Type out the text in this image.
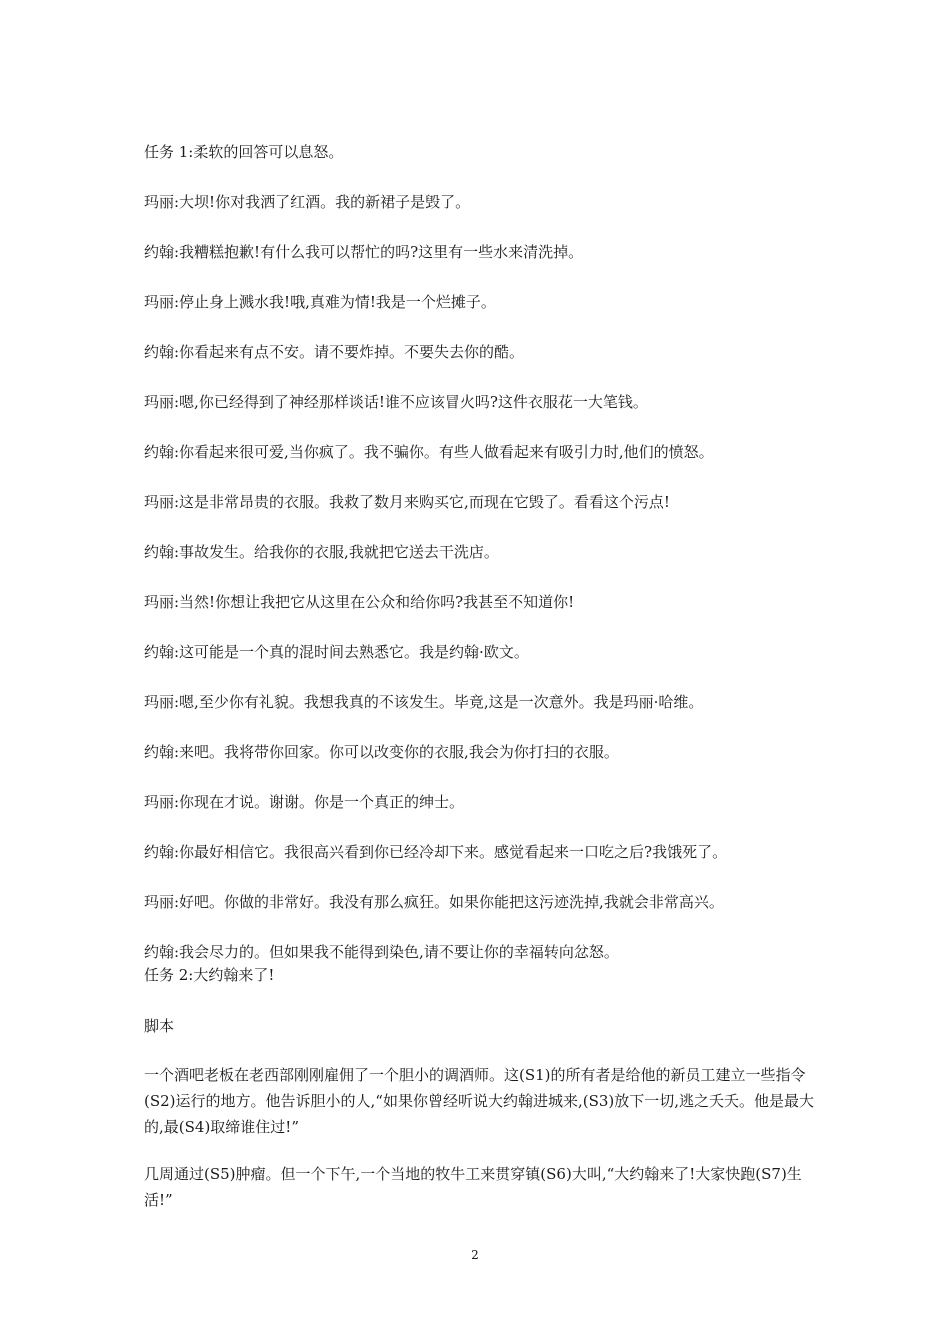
任务 1:柔软的回答可以息怒。

玛丽:大坝!你对我洒了红酒。我的新裙子是毁了。

约翰:我糟糕抱歉!有什么我可以帮忙的吗?这里有一些水来清洗掉。

玛丽:停止身上溅水我!哦,真难为情!我是一个烂摊子。

约翰:你看起来有点不安。请不要炸掉。不要失去你的酷。

玛丽:嗯,你已经得到了神经那样谈话!谁不应该冒火吗?这件衣服花一大笔钱。

约翰:你看起来很可爱,当你疯了。我不骗你。有些人做看起来有吸引力时,他们的愤怒。

玛丽:这是非常昂贵的衣服。我救了数月来购买它,而现在它毁了。看看这个污点!

约翰:事故发生。给我你的衣服,我就把它送去干洗店。

玛丽:当然!你想让我把它从这里在公众和给你吗?我甚至不知道你!

约翰:这可能是一个真的混时间去熟悉它。我是约翰·欧文。

玛丽:嗯,至少你有礼貌。我想我真的不该发生。毕竟,这是一次意外。我是玛丽·哈维。

约翰:来吧。我将带你回家。你可以改变你的衣服,我会为你打扫的衣服。

玛丽:你现在才说。谢谢。你是一个真正的绅士。

约翰:你最好相信它。我很高兴看到你已经冷却下来。感觉看起来一口吃之后?我饿死了。

玛丽:好吧。你做的非常好。我没有那么疯狂。如果你能把这污迹洗掉,我就会非常高兴。

约翰:我会尽力的。但如果我不能得到染色,请不要让你的幸福转向忿怒。

任务 2:大约翰来了!

脚本

一个酒吧老板在老西部刚刚雇佣了一个胆小的调酒师。这(S1)的所有者是给他的新员工建立一些指令(S2)运行的地方。他告诉胆小的人,“如果你曾经听说大约翰进城来,(S3)放下一切,逃之夭夭。他是最大的,最(S4)取缔谁住过!”

几周通过(S5)肿瘤。但一个下午,一个当地的牧牛工来贯穿镇(S6)大叫,“大约翰来了!大家快跑(S7)生活!”

2
